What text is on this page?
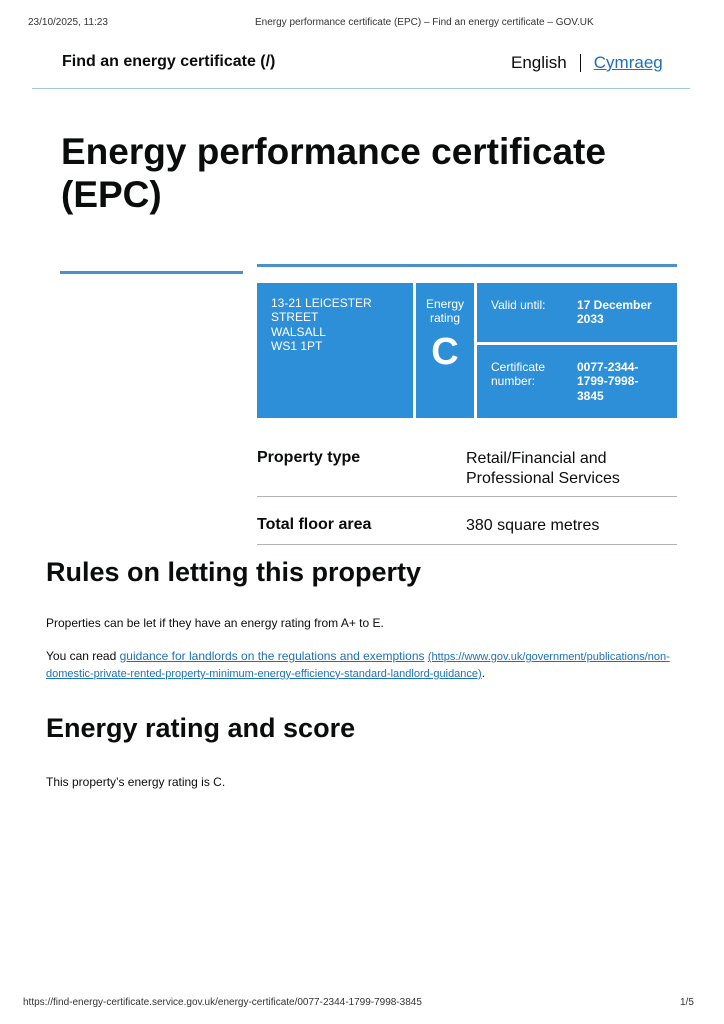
23/10/2025, 11:23	Energy performance certificate (EPC) – Find an energy certificate – GOV.UK
Find an energy certificate (/)	English Cymraeg
Energy performance certificate (EPC)
13-21 LEICESTER
STREET
WALSALL
WS1 1PT
Energy
rating
C
Valid until:	17 December 2033
Certificate number:
0077-2344-1799-7998-3845
Property type	Retail/Financial and Professional Services
Total floor area	380 square metres
Rules on letting this property

Properties can be let if they have an energy rating from A+ to E.

You can read guidance for landlords on the regulations and exemptions (https://www.gov.uk/government/publications/non-domestic-private-rented-property-minimum-energy-efficiency-standard-landlord-guidance).

Energy rating and score

This property’s energy rating is C.

https://find-energy-certificate.service.gov.uk/energy-certificate/0077-2344-1799-7998-3845	1/5
